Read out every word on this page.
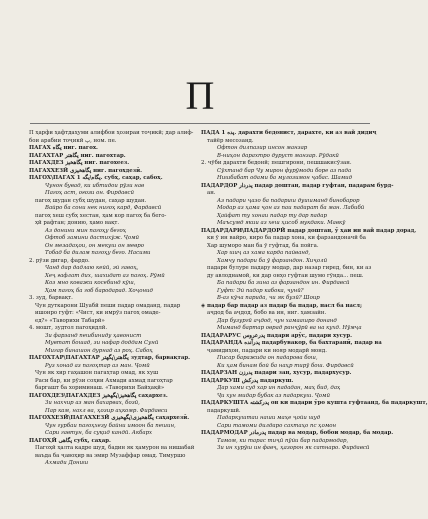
П
П ҳарфи ҳафтдаҳуми алифбои ҳозираи тоҷикӣ; дар алиф-
бои арабии тоҷикӣ پ, ном. пе.
ПАГАХ پگاه ниг. пагох.
ПАГАХТАР پگاهتر ниг. пагохтар.
ПАГАХДЕЗ پگاهخيز ниг. пагохеез.
ПАГАХХЕЗӢ پگاهخيزی ниг. пагохдезӣ.
ПАГОХ\ПАГАХ پگاه\پگه 1. субҳ, саҳар, сабоҳ.
Чунон бувад, ки ибтидои рӯзи нав
Пагоҳ аст, оғози он. Фирдавсӣ
пагоҳ шудан субҳ шудан, саҳар шудан.
Вайро ба сони нек нигоҳ кард, Фардавсӣ
пагоҳ хеш субҳ хестан, ҳам кор пагоҳ ба бего-
ҳӣ рафтан; донию, ҳамо вақт.
Аз донини мин пагоҳу бегоҳ
Офтоб замини дастихўж. Ҷомӣ
Он мезадаҳои, он мекуш он мевро
Тобад ба дилам пагоҳу бего. Насими
2. рӯзи дигар, фардо.
Чанд дар дадлаю кейӣ, эй гавоҳ,
Хеҷ ғафлат дих, шахидат аз пагоҳ. Рӯмӣ
Коз мно коважи косебинд кӯш,
Ҳам пагоҳ ба гоб бародарад. Хоҷонид
3. зуд, барвақт.
Чун дуткарони Шуабӣ пеши падар омаданд, падар
ишонро гуфт: «Чист, ки имрӯз пагоҳ омаде-
ед?» «Таворихи Табарӣ»
4. мошт, зудтол пагоҳидлӣ.
Зи фарзанд пешбиниду ҳавонист
Мувтат бошад, зи нафар доддам Сунӣ
Мигар бинашон дурнад аз роҳ. Сабоҳ
ПАГОХТАР\ПАГАХТАР پگاهتر\پگهتر зудтар, барвақтар.
Руз хонад аз пагоҳтар аз ман. Ҷомӣ
Чун як хир гаҳашон пагаҳтар омад, як хуш
Раси бар, ки рӯзи соҳии Ахмади ахмад пагоҳтар
баргашт ба хориминаш. «Таворихи Байҳақӣ»
ПАГОХДЕЗ\ПАГАХДЕЗ پگاهخيز\پگهخيز саҳархез.
Зи нахчир аз ман бахарвах, бозӣ,
Пар кам, нахл ва, ҳозир аҳкомр. Фирдавси
ПАГОХХЕЗӢ\ПАГАХХЕЗӢ پگاهخيزی\پگهخيزی саҳархезӣ.
Чун гурбаи пагоҳхезу байни имоон ба пешин,
Сари гавтун, ба суқид кандӣ. Акбарх
ПАГОҲӢ پگاهی субҳ, саҳар.
Пагоҳӣ ҳалта кадре шуд, бадин як ҳамурон ва нишабай
ваъда ба ҷавоҳир ва эмир Музаффар омад. Тимуршо
Ахмади Дониш
ПАДА پده 1. дарахти бедонист, дарахте, ки аз вай дидиҷ
тайёр месозанд.
Офтон дилпазир инсон манзар
В-ниҳон дарахтро дуруст манзар. Рӯдакӣ
2. чӯби дарахти бедонӣ; пешгирони, пешшакисӯзан.
Сӯхтанд бар Чу мирон фурӯмоди боре аз пада
Нишбабат одами ба мулозимон ҷабас. Шамид
ПАДАРДОР پدردار падар доштан, падар гуфтан, падарам бурд-
ан.
Аз падари ҷазо ба падариш дуишманд бинобарор
Модар аз ҳама ҷон аз паи падарат ба ман. Лабибӣ
Ҳайфат ту хонаи падар ту дар падар
Маъсумд якии аз хеш ҳисоб мукдаки. Мавкӯ
ПАДАРДАРИ\ПАДАРДОРӢ падар доштан, ӯ ҳаи ин вай падар дорад,
ки ӯ ин вайро, киро ба падар хона, ки фарзандоначӣ ба
Хар шуморо ман ба ӯ гуфтад, ба пойга.
Хар шиҷ аз хама карда пайванд,
Хамчу падари ба ӯ фарзандон. Хиҷолӣ
падари булуре падару модар, дар назар гиред, бин, ки аз
ду авлоднамоӣ, ки дар онҳо гуфтаи шумо гӯнда... пеш.
Ба падари ба зина аз фарзандон ин. Фирдавсӣ
Гуфт: Эй падар кабока, чунӣ?
В-аз кӯча парида, чи як бузӣ? Шоир
◈ падар бар падар аз падар ба падар, насл ба насл;
аҷдод ба аҷдод, бобо ва ин, ниг. ҳамзайн.
Дар бузургӣ аҷдод, чун хамаашро донанд
Миманд бартар оврад ранҷӯрӣ ва на кухд. Нӯмҷа
ПАДАРАРУС پدرعروس падари арӯс, падари хусур.
ПАДАРАНДА پدرآنده падарбувакор, ба бахтаранӣ, падар ва
ҷамидиҳон, падари ки нояр модарӣ монд.
Писар баражида он падарова бош,
Ки ҳам бинам бой ба наҳр тирӯ бош. Фирдавсӣ
ПАДАРЗАН پدرزن падари зан, хусур, падархусур.
ПАДАРКУШ پدرکش падаркуш.
Дар хами суд хар ин пададан, маҳ бид, даҳ
Ҷи хун мидар бубак аз падаркуш. Ҷомӣ
ПАДАРКУШТА پدرکشته он ки падари ӯро кушта гуфтаанд, ба падаркушт,
падаркушӣ.
Падаркуштаи наши маҳе ҷойи шуд
Сари тамоми дилдаро сахтаҳо пс ҳомон
ПАДАРМОДАР پدرمادر падар ва модар, бобои модар, ба модар.
Тамом, ки тарас тиҷӣ пӯйи бар падармодар,
Зи ин хурӯш ин фавҷ, ҳазорон як сатнаро. Фирдавсӣ
